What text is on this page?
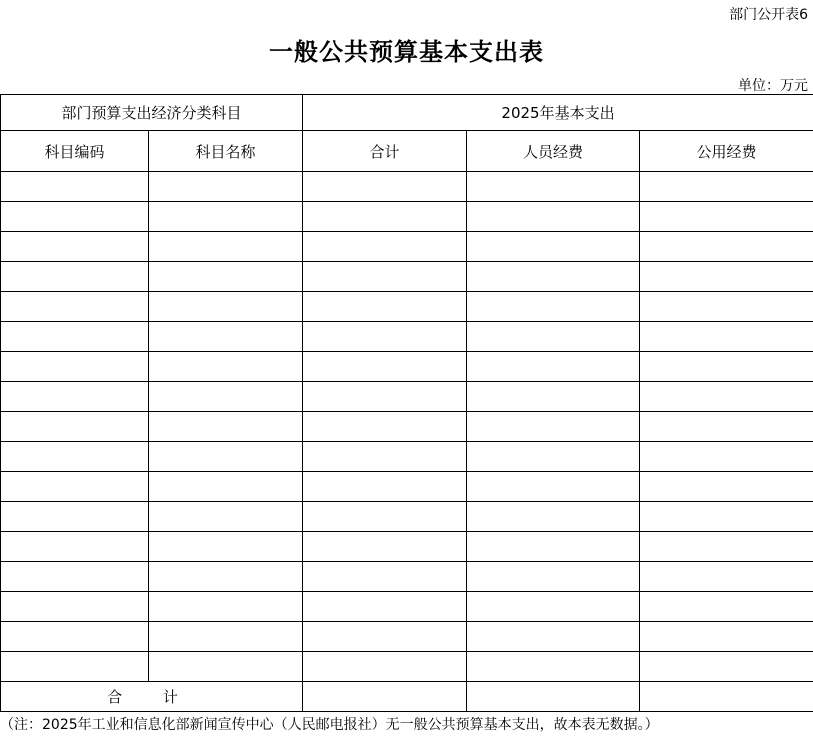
部门公开表6
一般公共预算基本支出表
单位：万元
部门预算支出经济分类科目		2025年基本支出		
科目编码	科目名称	合计	人员经费	公用经费

合 计				
（注：2025年工业和信息化部新闻宣传中心（人民邮电报社）无一般公共预算基本支出，故本表无数据。）
